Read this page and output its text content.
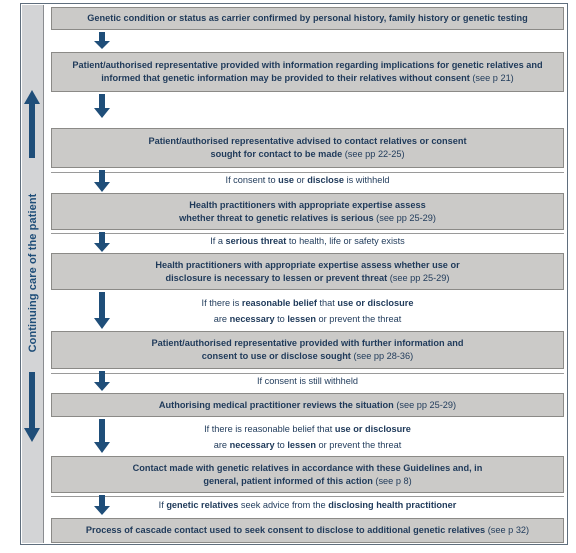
Continuing care of the patient
Genetic condition or status as carrier confirmed by personal history, family history or genetic testing
Patient/authorised representative provided with information regarding implications for genetic relatives and informed that genetic information may be provided to their relatives without consent (see p 21)
Patient/authorised representative advised to contact relatives or consent sought for contact to be made (see pp 22-25)
If consent to use or disclose is withheld
Health practitioners with appropriate expertise assess whether threat to genetic relatives is serious (see pp 25-29)
If a serious threat to health, life or safety exists
Health practitioners with appropriate expertise assess whether use or disclosure is necessary to lessen or prevent threat (see pp 25-29)
If there is reasonable belief that use or disclosure
are necessary to lessen or prevent the threat
Patient/authorised representative provided with further information and consent to use or disclose sought (see pp 28-36)
If consent is still withheld
Authorising medical practitioner reviews the situation (see pp 25-29)
If there is reasonable belief that use or disclosure
are necessary to lessen or prevent the threat
Contact made with genetic relatives in accordance with these Guidelines and, in general, patient informed of this action (see p 8)
If genetic relatives seek advice from the disclosing health practitioner
Process of cascade contact used to seek consent to disclose to additional genetic relatives (see p 32)
